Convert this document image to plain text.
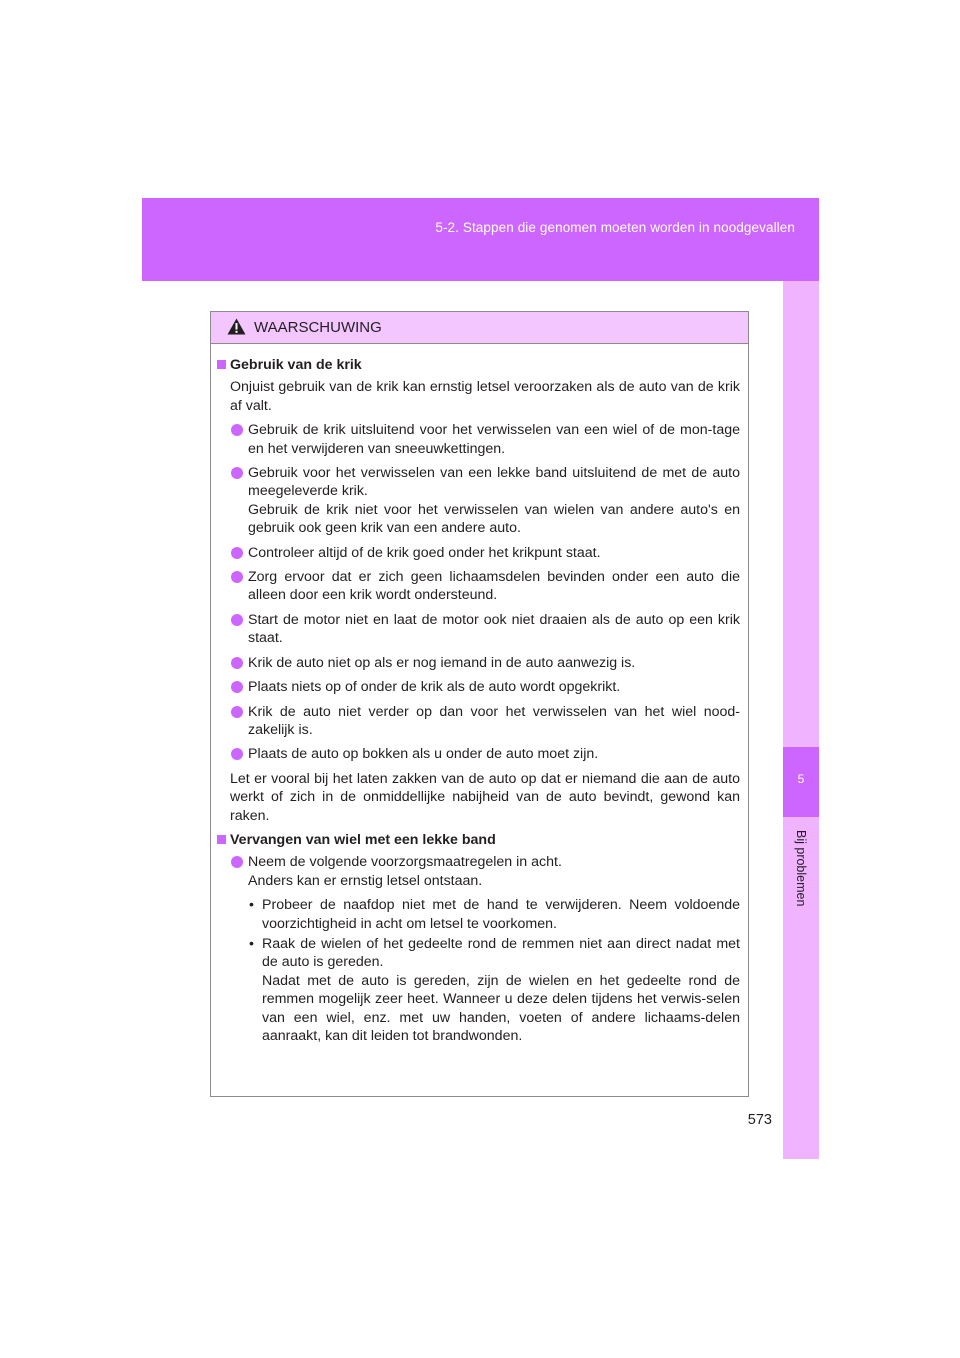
5-2. Stappen die genomen moeten worden in noodgevallen
5
Bij problemen
WAARSCHUWING
Gebruik van de krik

Onjuist gebruik van de krik kan ernstig letsel veroorzaken als de auto van de krik af valt.

Gebruik de krik uitsluitend voor het verwisselen van een wiel of de mon-tage en het verwijderen van sneeuwkettingen.
Gebruik voor het verwisselen van een lekke band uitsluitend de met de auto meegeleverde krik.
Gebruik de krik niet voor het verwisselen van wielen van andere auto's en gebruik ook geen krik van een andere auto.
Controleer altijd of de krik goed onder het krikpunt staat.
Zorg ervoor dat er zich geen lichaamsdelen bevinden onder een auto die alleen door een krik wordt ondersteund.
Start de motor niet en laat de motor ook niet draaien als de auto op een krik staat.
Krik de auto niet op als er nog iemand in de auto aanwezig is.
Plaats niets op of onder de krik als de auto wordt opgekrikt.
Krik de auto niet verder op dan voor het verwisselen van het wiel nood-zakelijk is.
Plaats de auto op bokken als u onder de auto moet zijn.

Let er vooral bij het laten zakken van de auto op dat er niemand die aan de auto werkt of zich in de onmiddellijke nabijheid van de auto bevindt, gewond kan raken.

Vervangen van wiel met een lekke band
Neem de volgende voorzorgsmaatregelen in acht.
Anders kan er ernstig letsel ontstaan.
• Probeer de naafdop niet met de hand te verwijderen. Neem voldoende voorzichtigheid in acht om letsel te voorkomen.
• Raak de wielen of het gedeelte rond de remmen niet aan direct nadat met de auto is gereden.
Nadat met de auto is gereden, zijn de wielen en het gedeelte rond de remmen mogelijk zeer heet. Wanneer u deze delen tijdens het verwis-selen van een wiel, enz. met uw handen, voeten of andere lichaams-delen aanraakt, kan dit leiden tot brandwonden.
573
